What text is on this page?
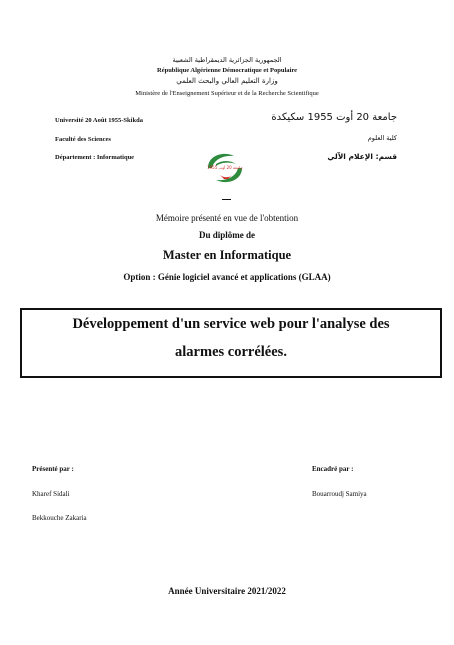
الجمهورية الجزائرية الديمقراطية الشعبية
République Algérienne Démocratique et Populaire
وزارة التعليم العالي والبحث العلمي
Ministère de l'Enseignement Supérieur et de la Recherche Scientifique
Université 20 Août 1955-Skikda
Faculté des Sciences
Département : Informatique
جامعة 20 أوت 1955 سكيكدة
كلية العلوم
قسم: الإعلام الآلي
جامعة 20 أوت 1955
Mémoire présenté en vue de l'obtention
Du diplôme de
Master en Informatique
Option : Génie logiciel avancé et applications (GLAA)
Développement d'un service web pour l'analyse des
alarmes corrélées.
Présenté par :
Kharef Sidali
Bekkouche Zakaria
Encadré par :
Bouarroudj Samiya
Année Universitaire 2021/2022
